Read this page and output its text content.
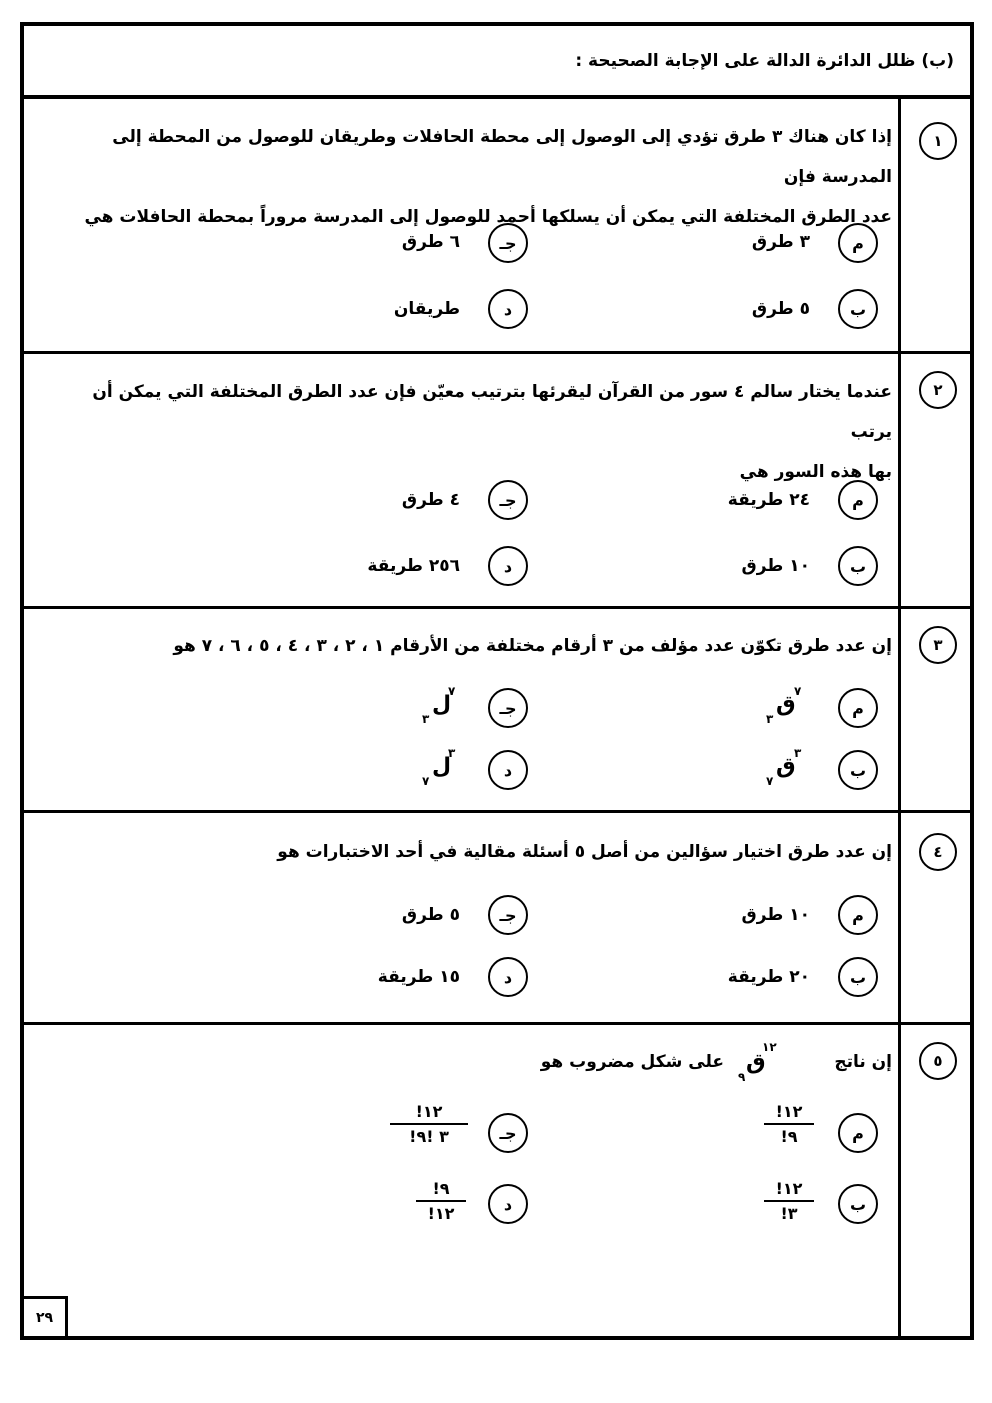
(ب) ظلل الدائرة الدالة على الإجابة الصحيحة :
١
إذا كان هناك ٣ طرق تؤدي إلى الوصول إلى محطة الحافلات وطريقان للوصول من المحطة إلى المدرسة فإن
عدد الطرق المختلفة التي يمكن أن يسلكها أحمد للوصول إلى المدرسة مروراً بمحطة الحافلات هي
م
٣ طرق
ب
٥ طرق
جـ
٦ طرق
د
طريقان
٢
عندما يختار سالم ٤ سور من القرآن ليقرئها بترتيب معيّن فإن عدد الطرق المختلفة التي يمكن أن يرتب
بها هذه السور هي
م
٢٤ طريقة
ب
١٠ طرق
جـ
٤ طرق
د
٢٥٦ طريقة
٣
إن عدد طرق تكوّن عدد مؤلف من ٣ أرقام مختلفة من الأرقام ١ ، ٢ ، ٣ ، ٤ ، ٥ ، ٦ ، ٧ هو
م
٧
ق
٣
ب
٣
ق
٧
جـ
٧
ل
٣
د
٣
ل
٧
٤
إن عدد طرق اختيار سؤالين من أصل ٥ أسئلة مقالية في أحد الاختبارات هو
م
١٠ طرق
ب
٢٠ طريقة
جـ
٥ طرق
د
١٥ طريقة
٥
إن ناتج
١٢
ق
٩
على شكل مضروب هو
م
!١٢
!٩
ب
!١٢
!٣
جـ
!١٢
!٣ !٩
د
!٩
!١٢
٢٩
